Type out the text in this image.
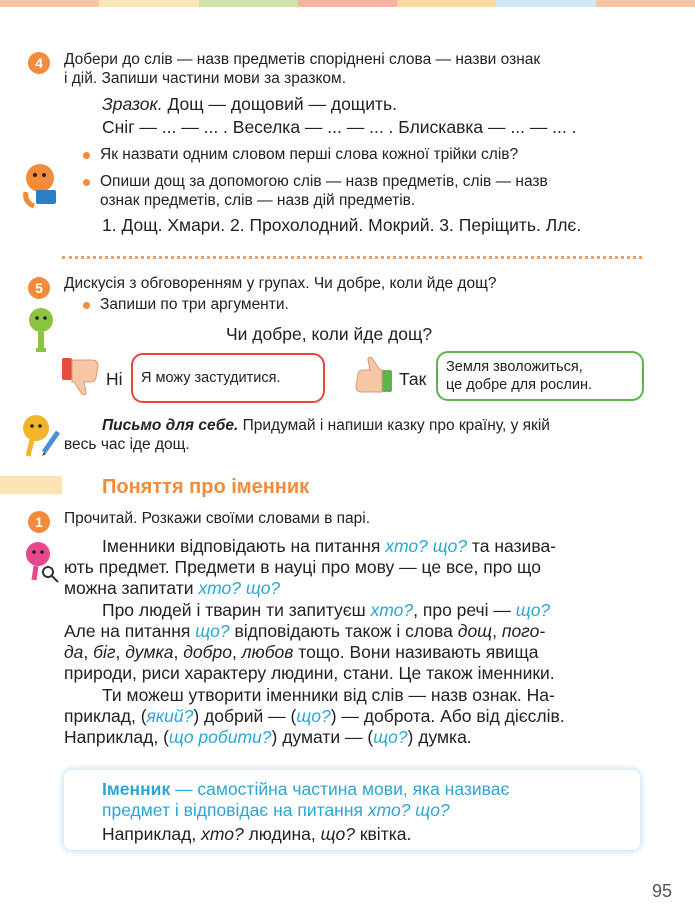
4	Добери до слів — назв предметів споріднені слова — назви ознак
і дій. Запиши частини мови за зразком.
Зразок. Дощ — дощовий — дощить.
Сніг — ... — ... . Веселка — ... — ... . Блискавка — ... — ... .
Як назвати одним словом перші слова кожної трійки слів?
Опиши дощ за допомогою слів — назв предметів, слів — назв
ознак предметів, слів — назв дій предметів.
1. Дощ. Хмари. 2. Прохолодний. Мокрий. 3. Періщить. Ллє.
5	Дискусія з обговоренням у групах. Чи добре, коли йде дощ?
Запиши по три аргументи.
Чи добре, коли йде дощ?
Ні Я можу застудитися.	Так
Земля зволожиться,
це добре для рослин.
Письмо для себе. Придумай і напиши казку про країну, у якій
весь час іде дощ.
Поняття про іменник
1	Прочитай. Розкажи своїми словами в парі.
Іменники відповідають на питання хто? що? та назива-
ють предмет. Предмети в науці про мову — це все, про що
можна запитати хто? що?
Про людей і тварин ти запитуєш хто?, про речі — що?
Але на питання що? відповідають також і слова дощ, пого-
да, біг, думка, добро, любов тощо. Вони називають явища
природи, риси характеру людини, стани. Це також іменники.
Ти можеш утворити іменники від слів — назв ознак. На-
приклад, (який?) добрий — (що?) — доброта. Або від дієслів.
Наприклад, (що робити?) думати — (що?) думка.
Іменник — самостійна частина мови, яка називає
предмет і відповідає на питання хто? що?
Наприклад, хто? людина, що? квітка.
95
